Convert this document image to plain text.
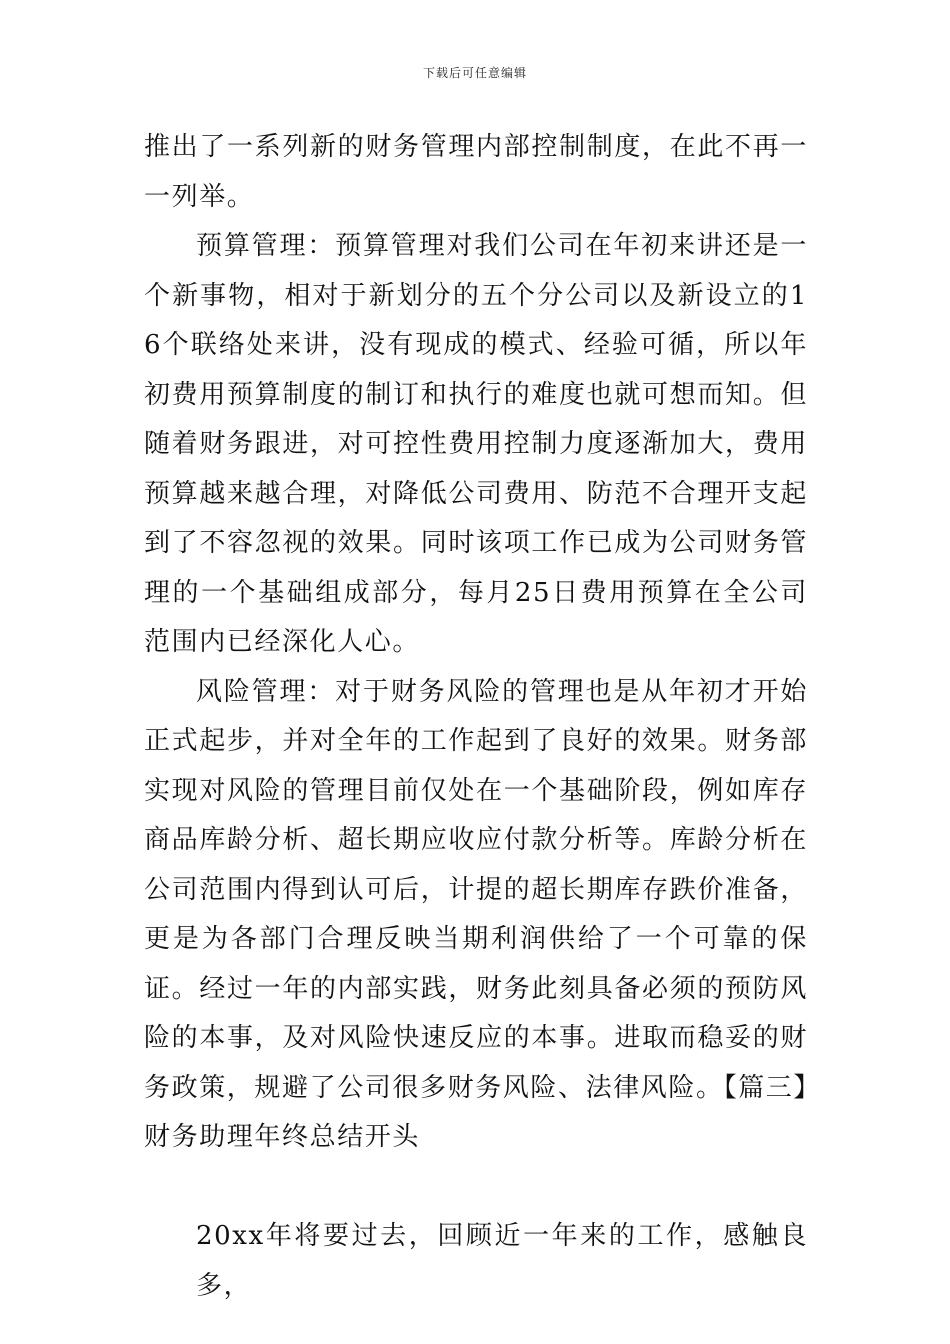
下载后可任意编辑

推出了一系列新的财务管理内部控制制度，在此不再一一列举。

预算管理：预算管理对我们公司在年初来讲还是一个新事物，相对于新划分的五个分公司以及新设立的16个联络处来讲，没有现成的模式、经验可循，所以年初费用预算制度的制订和执行的难度也就可想而知。但随着财务跟进，对可控性费用控制力度逐渐加大，费用预算越来越合理，对降低公司费用、防范不合理开支起到了不容忽视的效果。同时该项工作已成为公司财务管理的一个基础组成部分，每月25日费用预算在全公司范围内已经深化人心。

风险管理：对于财务风险的管理也是从年初才开始正式起步，并对全年的工作起到了良好的效果。财务部实现对风险的管理目前仅处在一个基础阶段，例如库存商品库龄分析、超长期应收应付款分析等。库龄分析在公司范围内得到认可后，计提的超长期库存跌价准备，更是为各部门合理反映当期利润供给了一个可靠的保证。经过一年的内部实践，财务此刻具备必须的预防风险的本事，及对风险快速反应的本事。进取而稳妥的财务政策，规避了公司很多财务风险、法律风险。【篇三】财务助理年终总结开头

20xx年将要过去，回顾近一年来的工作，感触良多，
